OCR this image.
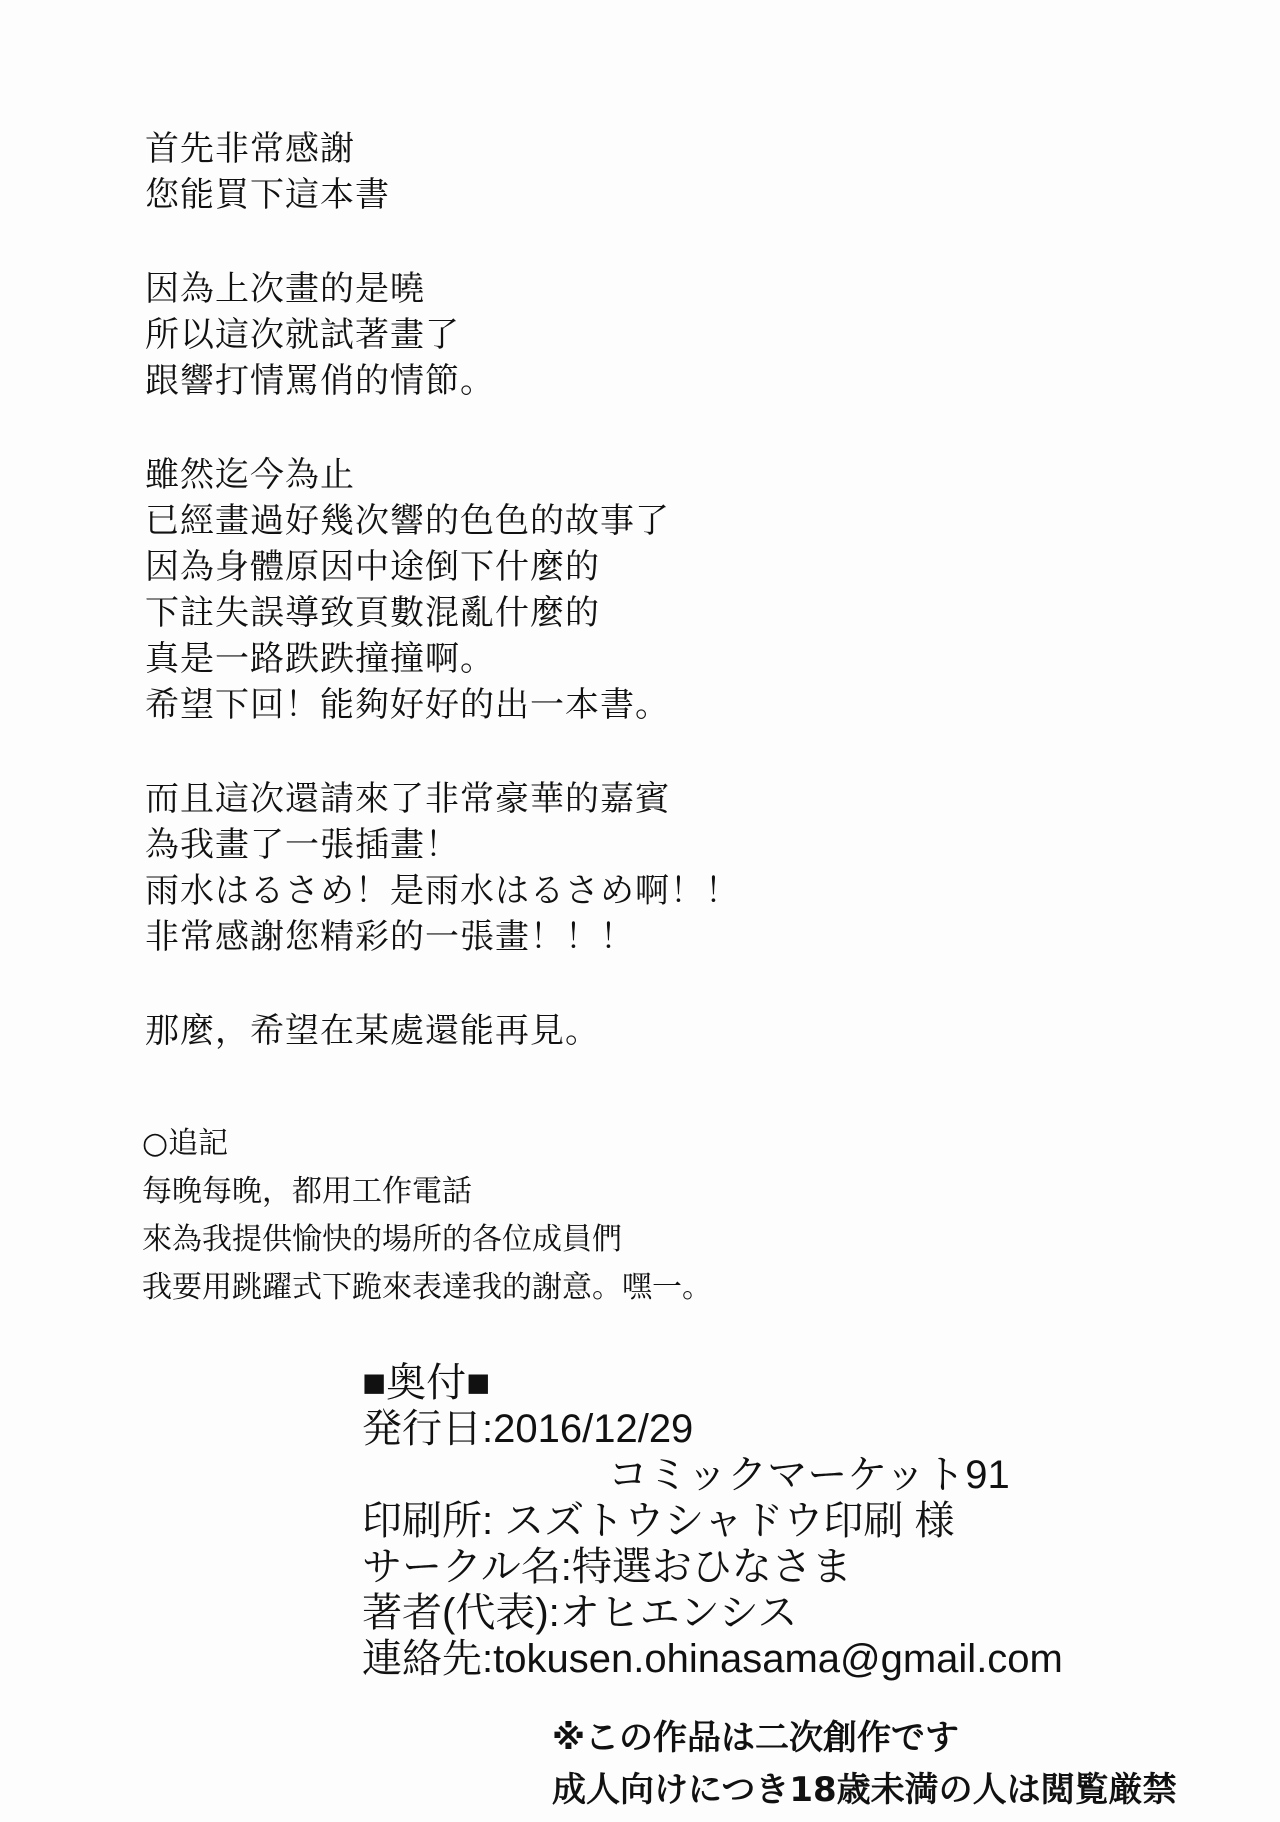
首先非常感謝
您能買下這本書
因為上次畫的是曉
所以這次就試著畫了
跟響打情罵俏的情節。
雖然迄今為止
已經畫過好幾次響的色色的故事了
因為身體原因中途倒下什麼的
下註失誤導致頁數混亂什麼的
真是一路跌跌撞撞啊。
希望下回！能夠好好的出一本書。
而且這次還請來了非常豪華的嘉賓
為我畫了一張插畫！
雨水はるさめ！是雨水はるさめ啊！！
非常感謝您精彩的一張畫！！！
那麼，希望在某處還能再見。
○追記
每晚每晚，都用工作電話
來為我提供愉快的場所的各位成員們
我要用跳躍式下跪來表達我的謝意。嘿一。
■奥付■
発行日:2016/12/29
コミックマーケット91
印刷所: スズトウシャドウ印刷 様
サークル名:特選おひなさま
著者(代表):オヒエンシス
連絡先:tokusen.ohinasama@gmail.com
※この作品は二次創作です
成人向けにつき18歳未満の人は閲覧厳禁
